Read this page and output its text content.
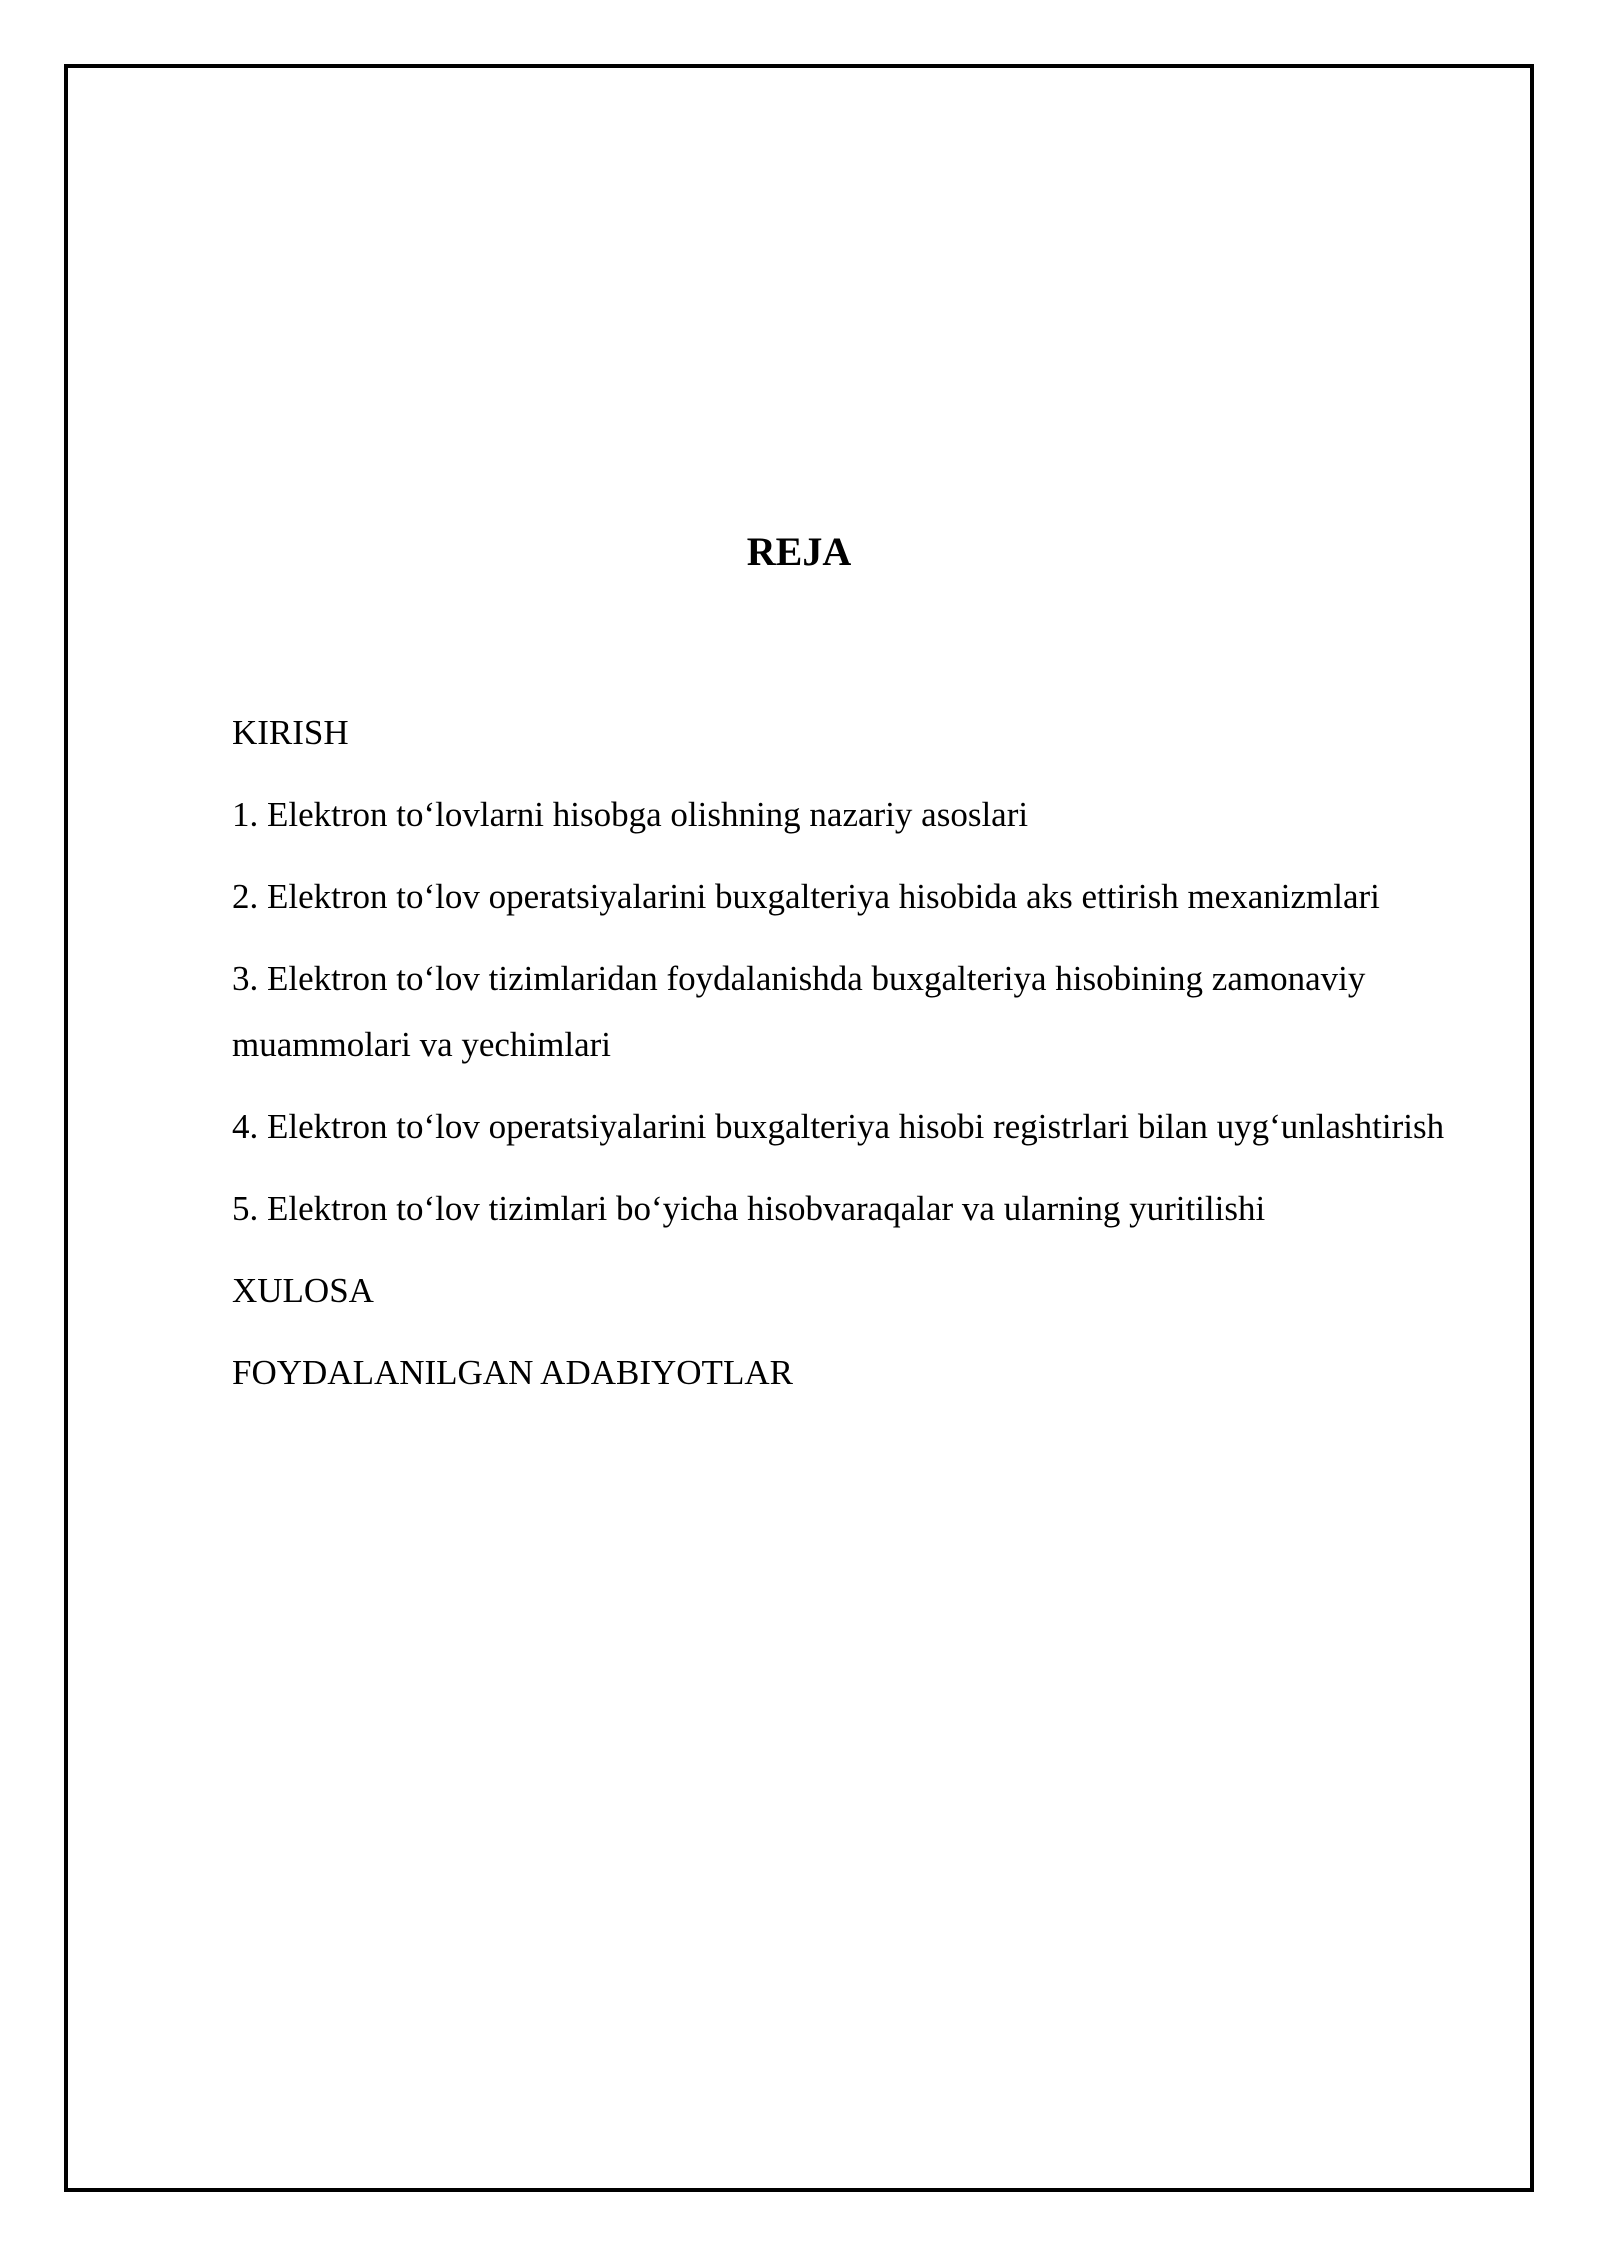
REJA
KIRISH
1. Elektron to‘lovlarni hisobga olishning nazariy asoslari
2. Elektron to‘lov operatsiyalarini buxgalteriya hisobida aks ettirish mexanizmlari
3. Elektron to‘lov tizimlaridan foydalanishda buxgalteriya hisobining zamonaviy muammolari va yechimlari
4. Elektron to‘lov operatsiyalarini buxgalteriya hisobi registrlari bilan uyg‘unlashtirish
5. Elektron to‘lov tizimlari bo‘yicha hisobvaraqalar va ularning yuritilishi
XULOSA
FOYDALANILGAN ADABIYOTLAR
